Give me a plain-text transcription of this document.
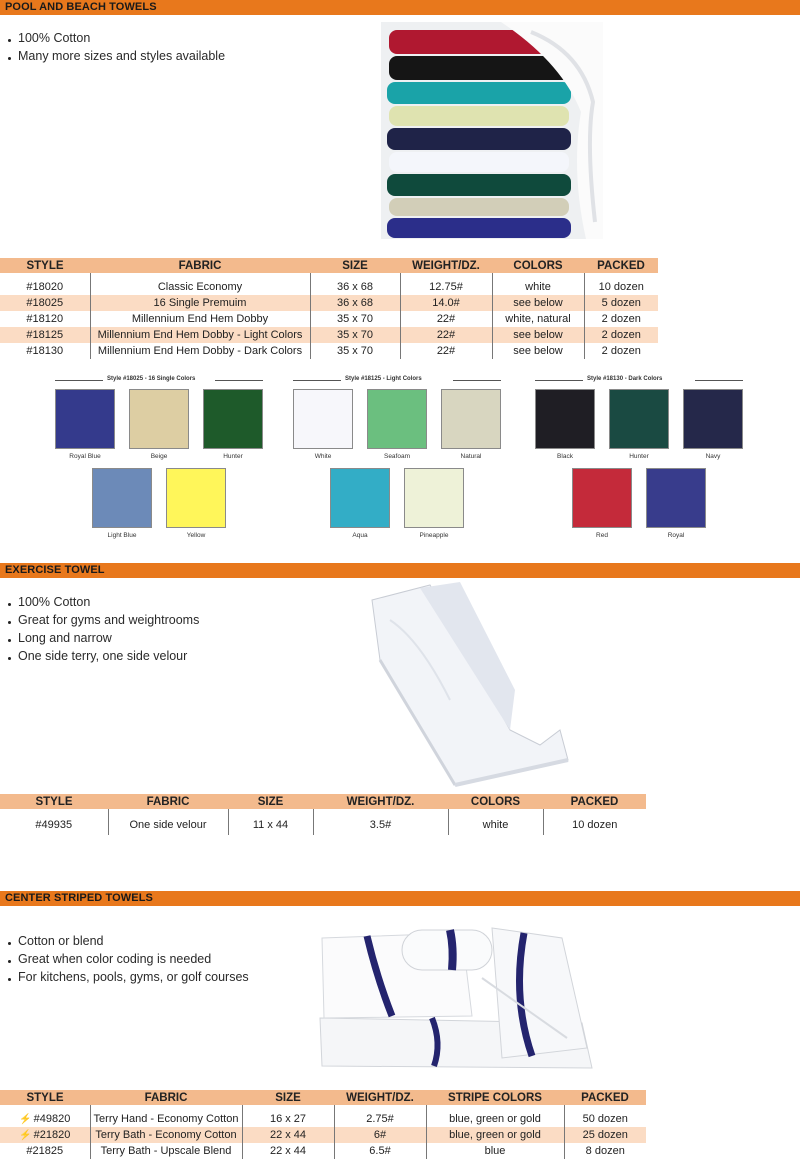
POOL AND BEACH TOWELS
100% Cotton
Many more sizes and styles available
STYLE	FABRIC	SIZE	WEIGHT/DZ.	COLORS	PACKED

#18020	Classic Economy	36 x 68	12.75#	white	10 dozen
#18025	16 Single Premuim	36 x 68	14.0#	see below	5 dozen
#18120	Millennium End Hem Dobby	35 x 70	22#	white, natural	2 dozen
#18125	Millennium End Hem Dobby - Light Colors	35 x 70	22#	see below	2 dozen
#18130	Millennium End Hem Dobby - Dark Colors	35 x 70	22#	see below	2 dozen
Style #18025 - 16 Single Colors
Royal Blue	Beige	Hunter
Light Blue	Yellow
Style #18125 - Light Colors
White	Seafoam	Natural
Aqua	Pineapple
Style #18130 - Dark Colors
Black	Hunter	Navy
Red	Royal
EXERCISE TOWEL
100% Cotton
Great for gyms and weightrooms
Long and narrow
One side terry, one side velour
STYLE	FABRIC	SIZE	WEIGHT/DZ.	COLORS	PACKED

#49935	One side velour	11 x 44	3.5#	white	10 dozen
CENTER STRIPED TOWELS
Cotton or blend
Great when color coding is needed
For kitchens, pools, gyms, or golf courses
STYLE	FABRIC	SIZE	WEIGHT/DZ.	STRIPE COLORS	PACKED

⚡ #49820	Terry Hand - Economy Cotton	16 x 27	2.75#	blue, green or gold	50 dozen
⚡ #21820	Terry Bath - Economy Cotton	22 x 44	6#	blue, green or gold	25 dozen
#21825	Terry Bath - Upscale Blend	22 x 44	6.5#	blue	8 dozen
